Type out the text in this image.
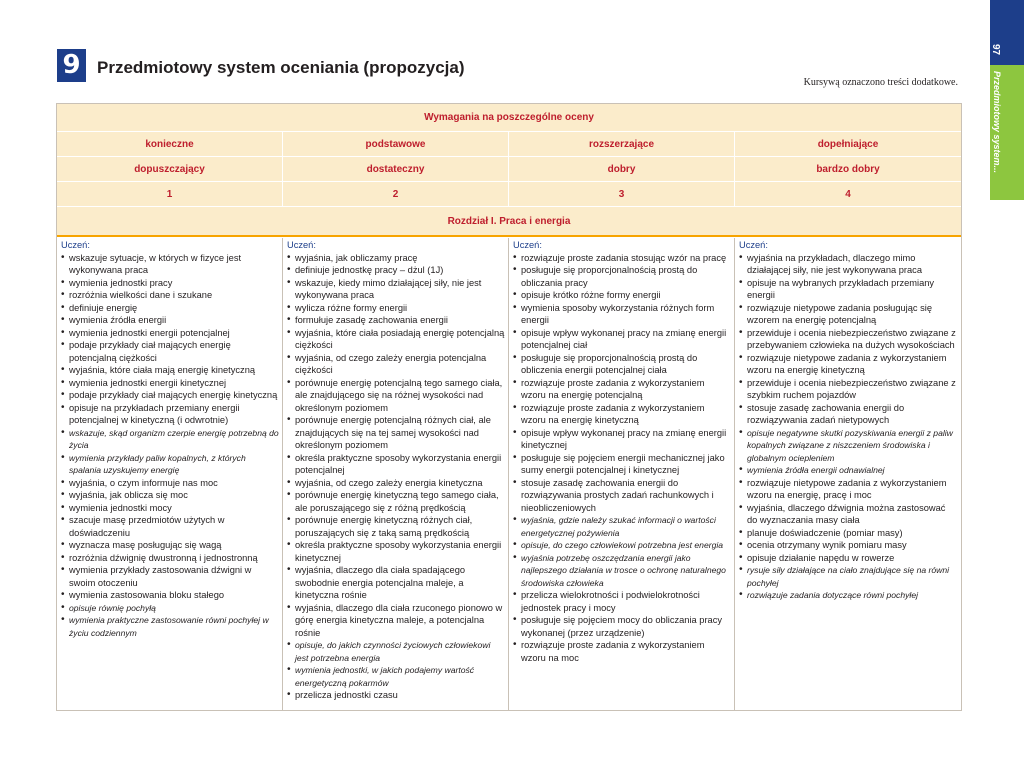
9 Przedmiotowy system oceniania (propozycja)
Kursywą oznaczono treści dodatkowe.
97
Przedmiotowy system...
Wymagania na poszczególne oceny
konieczne	podstawowe	rozszerzające	dopełniające
dopuszczający	dostateczny	dobry	bardzo dobry
1	2	3	4
Rozdział I. Praca i energia
Uczeń:
• wskazuje sytuacje, w których w fizyce jest wykonywana praca
• wymienia jednostki pracy
• rozróżnia wielkości dane i szukane
• definiuje energię
• wymienia źródła energii
• wymienia jednostki energii potencjalnej
• podaje przykłady ciał mających energię potencjalną ciężkości
• wyjaśnia, które ciała mają energię kinetyczną
• wymienia jednostki energii kinetycznej
• podaje przykłady ciał mających energię kinetyczną
• opisuje na przykładach przemiany energii potencjalnej w kinetyczną (i odwrotnie)
• wskazuje, skąd organizm czerpie energię potrzebną do życia
• wymienia przykłady paliw kopalnych, z których spalania uzyskujemy energię
• wyjaśnia, o czym informuje nas moc
• wyjaśnia, jak oblicza się moc
• wymienia jednostki mocy
• szacuje masę przedmiotów użytych w doświadczeniu
• wyznacza masę posługując się wagą
• rozróżnia dźwignię dwustronną i jednostronną
• wymienia przykłady zastosowania dźwigni w swoim otoczeniu
• wymienia zastosowania bloku stałego
• opisuje równię pochyłą
• wymienia praktyczne zastosowanie równi pochyłej w życiu codziennym
Uczeń:
• wyjaśnia, jak obliczamy pracę
• definiuje jednostkę pracy – dżul (1J)
• wskazuje, kiedy mimo działającej siły, nie jest wykonywana praca
• wylicza różne formy energii
• formułuje zasadę zachowania energii
• wyjaśnia, które ciała posiadają energię potencjalną ciężkości
• wyjaśnia, od czego zależy energia potencjalna ciężkości
• porównuje energię potencjalną tego samego ciała, ale znajdującego się na różnej wysokości nad określonym poziomem
• porównuje energię potencjalną różnych ciał, ale znajdujących się na tej samej wysokości nad określonym poziomem
• określa praktyczne sposoby wykorzystania energii potencjalnej
• wyjaśnia, od czego zależy energia kinetyczna
• porównuje energię kinetyczną tego samego ciała, ale poruszającego się z różną prędkością
• porównuje energię kinetyczną różnych ciał, poruszających się z taką samą prędkością
• określa praktyczne sposoby wykorzystania energii kinetycznej
• wyjaśnia, dlaczego dla ciała spadającego swobodnie energia potencjalna maleje, a kinetyczna rośnie
• wyjaśnia, dlaczego dla ciała rzuconego pionowo w górę energia kinetyczna maleje, a potencjalna rośnie
• opisuje, do jakich czynności życiowych człowiekowi jest potrzebna energia
• wymienia jednostki, w jakich podajemy wartość energetyczną pokarmów
• przelicza jednostki czasu
Uczeń:
• rozwiązuje proste zadania stosując wzór na pracę
• posługuje się proporcjonalnością prostą do obliczania pracy
• opisuje krótko różne formy energii
• wymienia sposoby wykorzystania różnych form energii
• opisuje wpływ wykonanej pracy na zmianę energii potencjalnej ciał
• posługuje się proporcjonalnością prostą do obliczenia energii potencjalnej ciała
• rozwiązuje proste zadania z wykorzystaniem wzoru na energię potencjalną
• rozwiązuje proste zadania z wykorzystaniem wzoru na energię kinetyczną
• opisuje wpływ wykonanej pracy na zmianę energii kinetycznej
• posługuje się pojęciem energii mechanicznej jako sumy energii potencjalnej i kinetycznej
• stosuje zasadę zachowania energii do rozwiązywania prostych zadań rachunkowych i nieobliczeniowych
• wyjaśnia, gdzie należy szukać informacji o wartości energetycznej pożywienia
• opisuje, do czego człowiekowi potrzebna jest energia
• wyjaśnia potrzebę oszczędzania energii jako najlepszego działania w trosce o ochronę naturalnego środowiska człowieka
• przelicza wielokrotności i podwielokrotności jednostek pracy i mocy
• posługuje się pojęciem mocy do obliczania pracy wykonanej (przez urządzenie)
• rozwiązuje proste zadania z wykorzystaniem wzoru na moc
Uczeń:
• wyjaśnia na przykładach, dlaczego mimo działającej siły, nie jest wykonywana praca
• opisuje na wybranych przykładach przemiany energii
• rozwiązuje nietypowe zadania posługując się wzorem na energię potencjalną
• przewiduje i ocenia niebezpieczeństwo związane z przebywaniem człowieka na dużych wysokościach
• rozwiązuje nietypowe zadania z wykorzystaniem wzoru na energię kinetyczną
• przewiduje i ocenia niebezpieczeństwo związane z szybkim ruchem pojazdów
• stosuje zasadę zachowania energii do rozwiązywania zadań nietypowych
• opisuje negatywne skutki pozyskiwania energii z paliw kopalnych związane z niszczeniem środowiska i globalnym ociepleniem
• wymienia źródła energii odnawialnej
• rozwiązuje nietypowe zadania z wykorzystaniem wzoru na energię, pracę i moc
• wyjaśnia, dlaczego dźwignia można zastosować do wyznaczania masy ciała
• planuje doświadczenie (pomiar masy)
• ocenia otrzymany wynik pomiaru masy
• opisuje działanie napędu w rowerze
• rysuje siły działające na ciało znajdujące się na równi pochyłej
• rozwiązuje zadania dotyczące równi pochyłej
